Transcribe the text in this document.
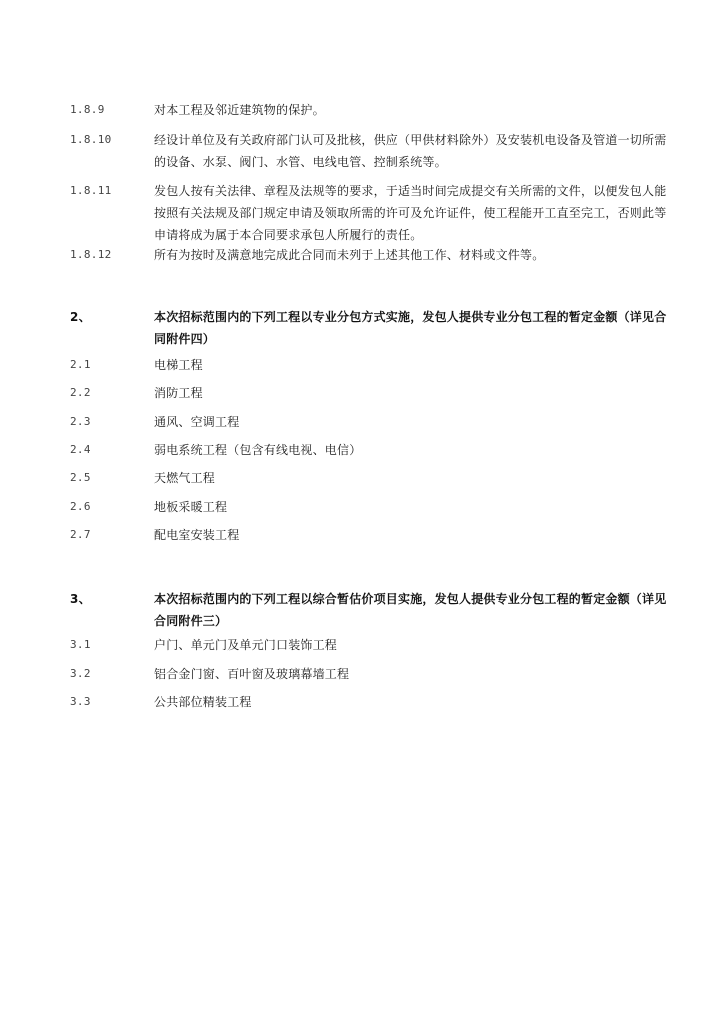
1.8.9	对本工程及邻近建筑物的保护。
1.8.10	经设计单位及有关政府部门认可及批核，供应（甲供材料除外）及安装机电设备及管道一切所需的设备、水泵、阀门、水管、电线电管、控制系统等。
1.8.11	发包人按有关法律、章程及法规等的要求，于适当时间完成提交有关所需的文件，以便发包人能按照有关法规及部门规定申请及领取所需的许可及允许证件，使工程能开工直至完工，否则此等申请将成为属于本合同要求承包人所履行的责任。
1.8.12	所有为按时及满意地完成此合同而未列于上述其他工作、材料或文件等。
2、	本次招标范围内的下列工程以专业分包方式实施，发包人提供专业分包工程的暂定金额（详见合同附件四）
2.1	电梯工程
2.2	消防工程
2.3	通风、空调工程
2.4	弱电系统工程（包含有线电视、电信）
2.5	天燃气工程
2.6	地板采暖工程
2.7	配电室安装工程
3、	本次招标范围内的下列工程以综合暂估价项目实施，发包人提供专业分包工程的暂定金额（详见合同附件三）
3.1	户门、单元门及单元门口装饰工程
3.2	铝合金门窗、百叶窗及玻璃幕墙工程
3.3	公共部位精装工程
